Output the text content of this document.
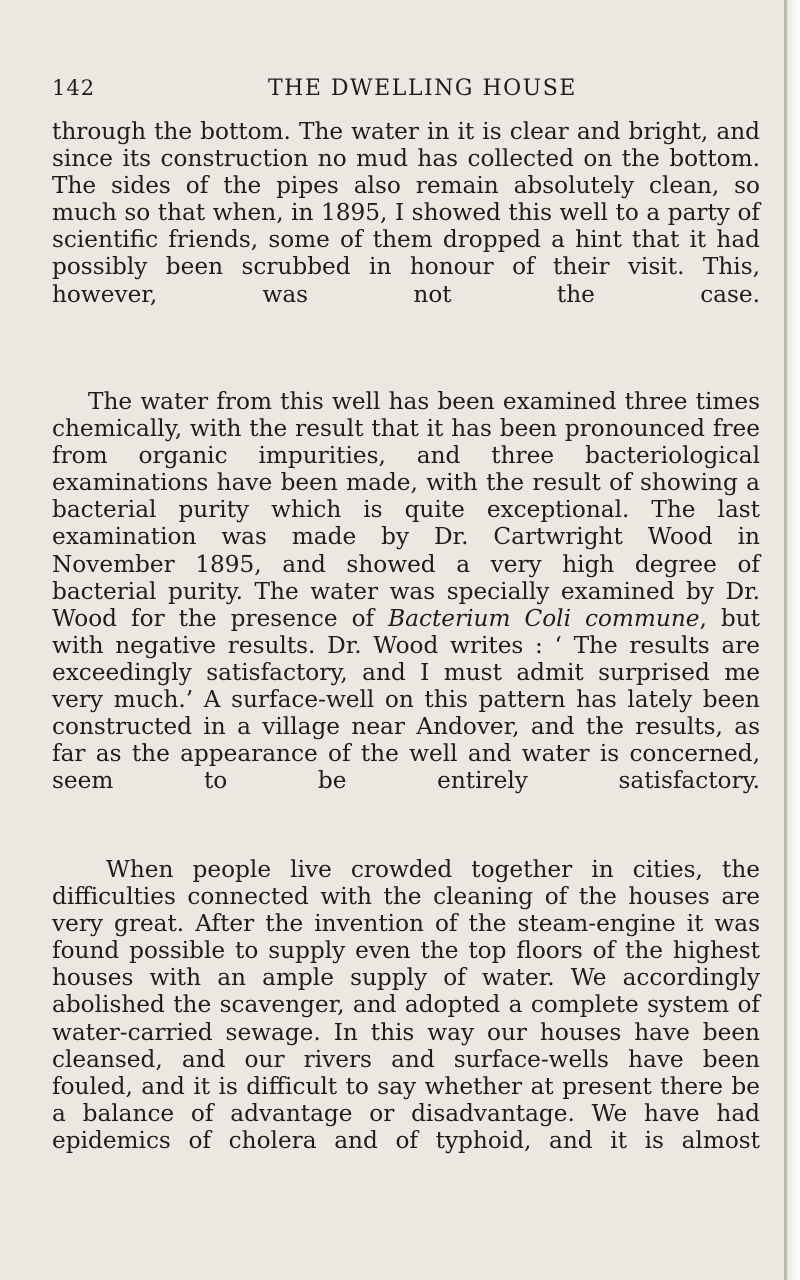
142	THE DWELLING HOUSE

through the bottom. The water in it is clear and bright, and since its construction no mud has collected on the bottom. The sides of the pipes also remain absolutely clean, so much so that when, in 1895, I showed this well to a party of scientific friends, some of them dropped a hint that it had possibly been scrubbed in honour of their visit. This, however, was not the case.

The water from this well has been examined three times chemically, with the result that it has been pronounced free from organic impurities, and three bacteriological examinations have been made, with the result of showing a bacterial purity which is quite exceptional. The last examination was made by Dr. Cartwright Wood in November 1895, and showed a very high degree of bacterial purity. The water was specially examined by Dr. Wood for the presence of Bacterium Coli commune, but with negative results. Dr. Wood writes : ‘ The results are exceedingly satisfactory, and I must admit surprised me very much.’ A surface-well on this pattern has lately been constructed in a village near Andover, and the results, as far as the appearance of the well and water is concerned, seem to be entirely satisfactory.

When people live crowded together in cities, the difficulties connected with the cleaning of the houses are very great. After the invention of the steam-engine it was found possible to supply even the top floors of the highest houses with an ample supply of water. We accordingly abolished the scavenger, and adopted a complete system of water-carried sewage. In this way our houses have been cleansed, and our rivers and surface-wells have been fouled, and it is difficult to say whether at present there be a balance of advantage or disadvantage. We have had epidemics of cholera and of typhoid, and it is almost
